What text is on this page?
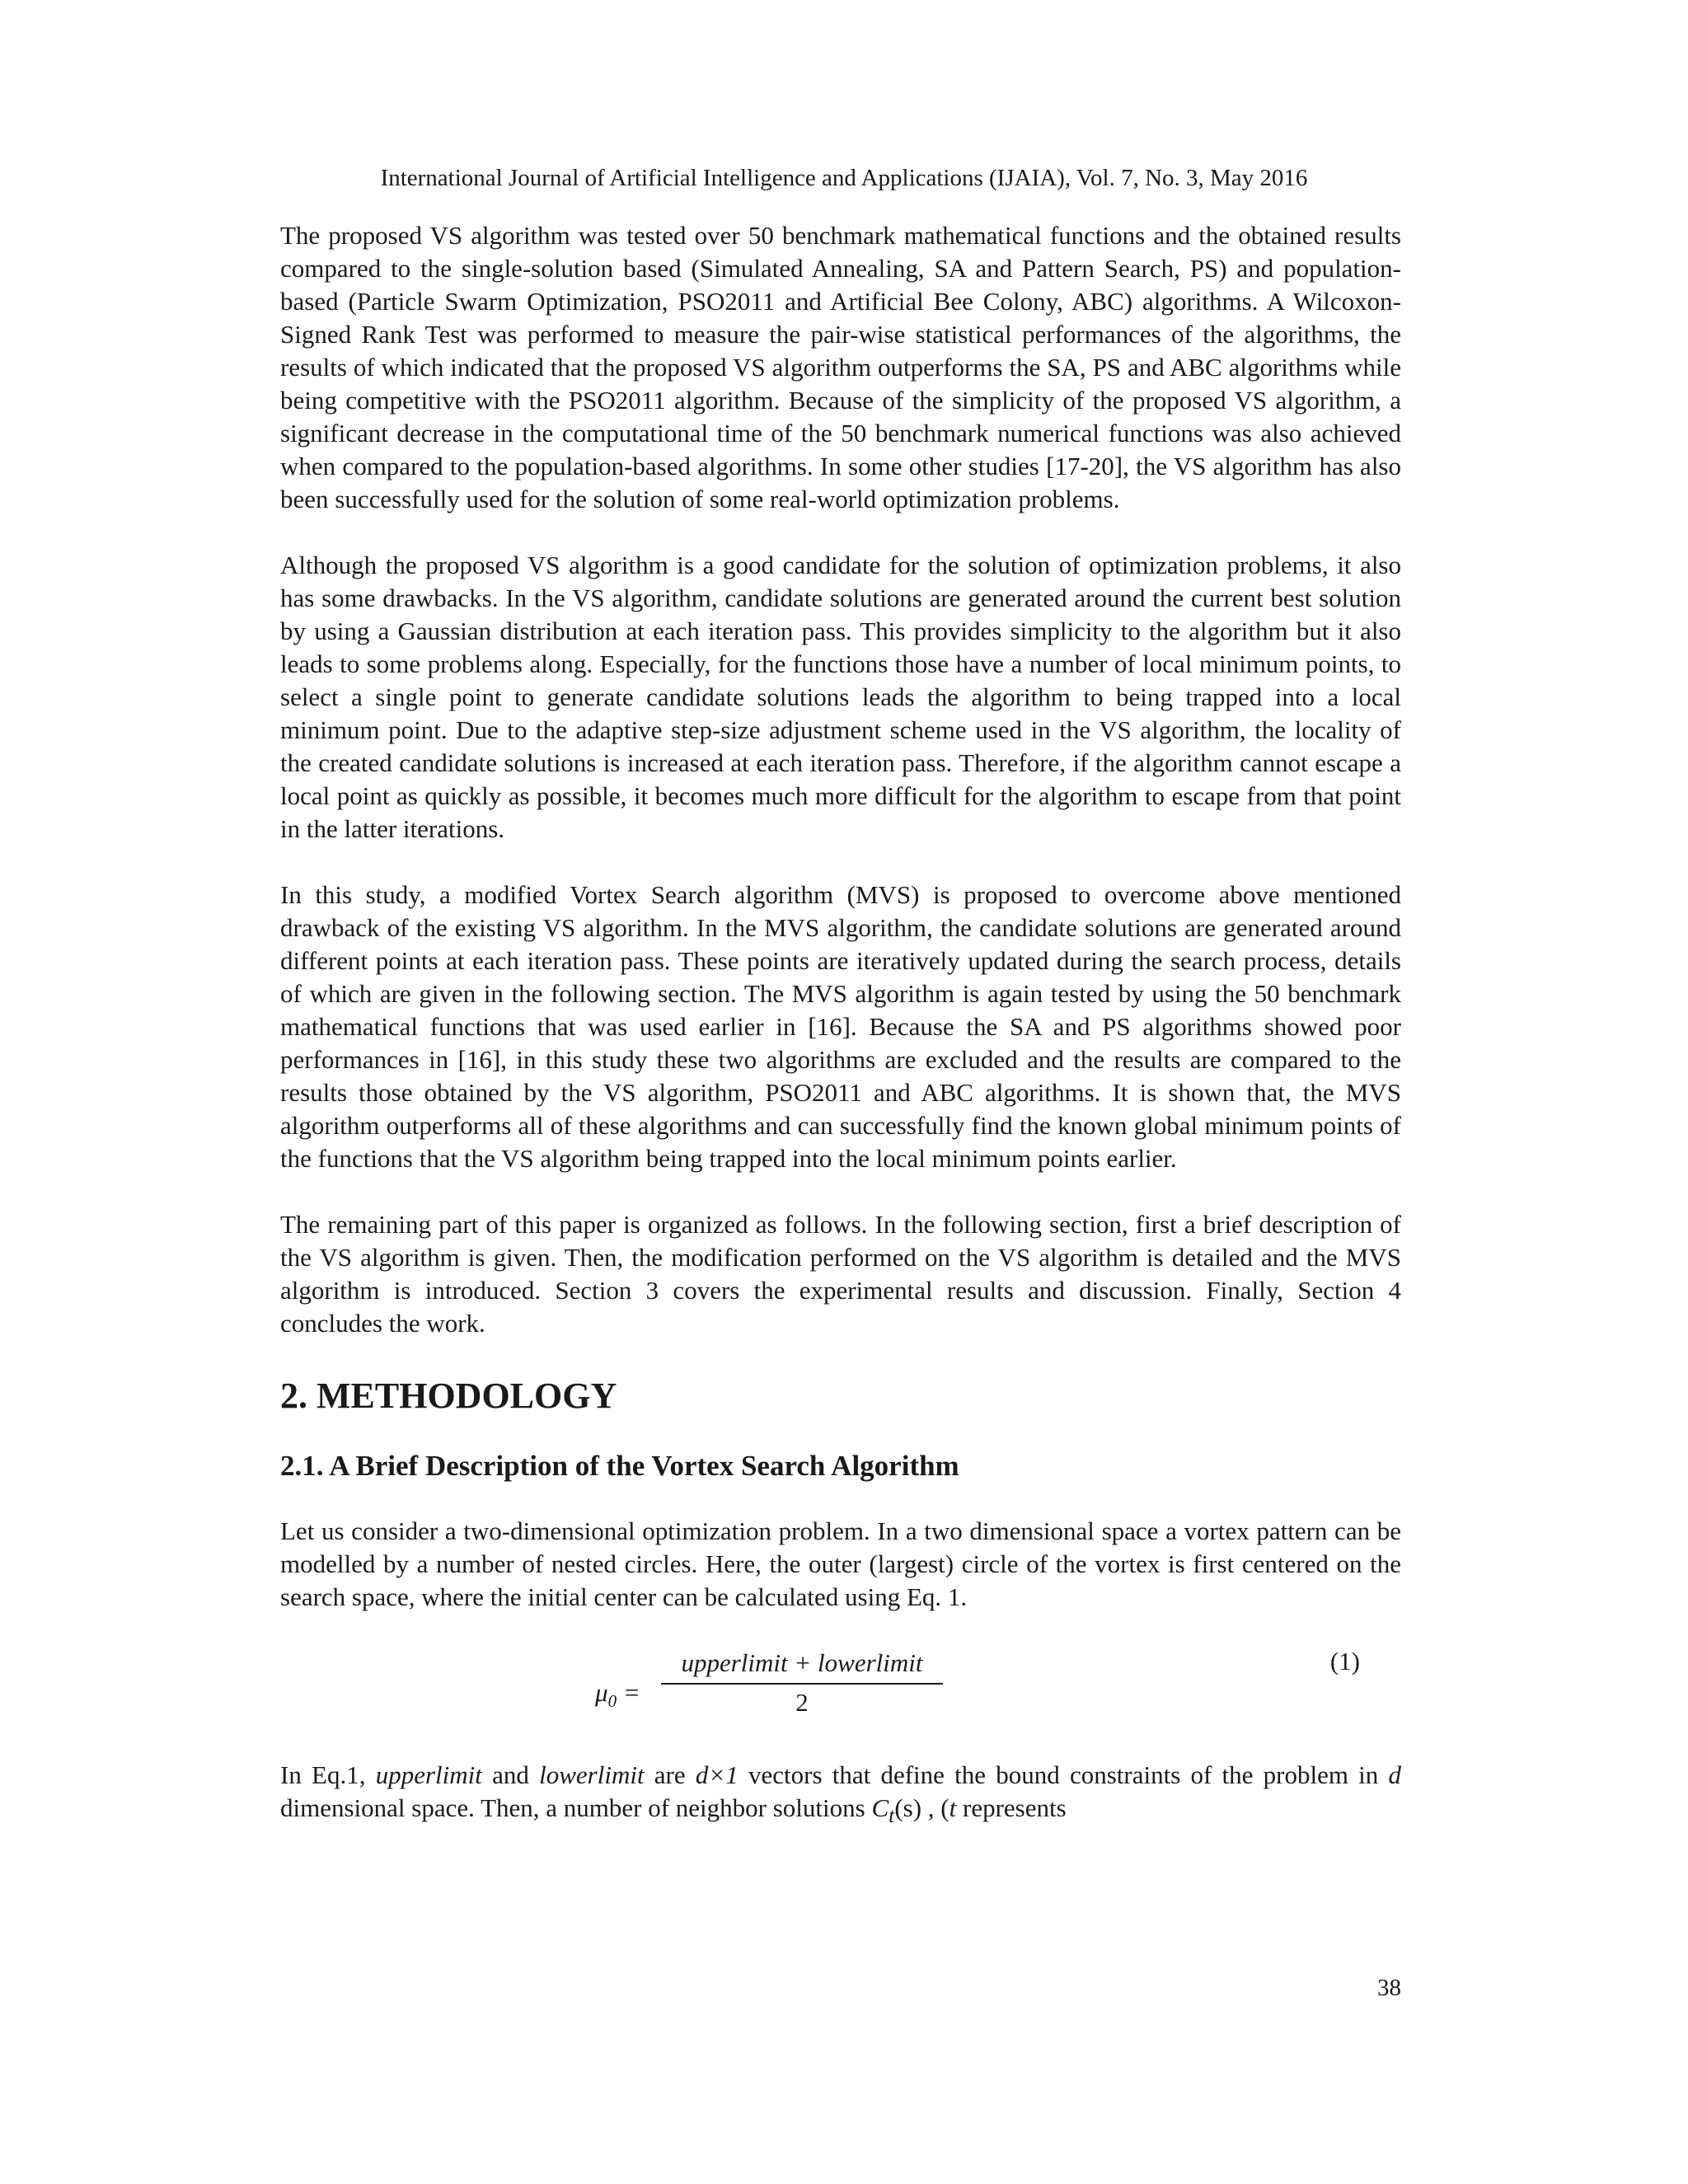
International Journal of Artificial Intelligence and Applications (IJAIA), Vol. 7, No. 3, May 2016

The proposed VS algorithm was tested over 50 benchmark mathematical functions and the obtained results compared to the single-solution based (Simulated Annealing, SA and Pattern Search, PS) and population-based (Particle Swarm Optimization, PSO2011 and Artificial Bee Colony, ABC) algorithms. A Wilcoxon-Signed Rank Test was performed to measure the pair-wise statistical performances of the algorithms, the results of which indicated that the proposed VS algorithm outperforms the SA, PS and ABC algorithms while being competitive with the PSO2011 algorithm. Because of the simplicity of the proposed VS algorithm, a significant decrease in the computational time of the 50 benchmark numerical functions was also achieved when compared to the population-based algorithms. In some other studies [17-20], the VS algorithm has also been successfully used for the solution of some real-world optimization problems.

Although the proposed VS algorithm is a good candidate for the solution of optimization problems, it also has some drawbacks. In the VS algorithm, candidate solutions are generated around the current best solution by using a Gaussian distribution at each iteration pass. This provides simplicity to the algorithm but it also leads to some problems along. Especially, for the functions those have a number of local minimum points, to select a single point to generate candidate solutions leads the algorithm to being trapped into a local minimum point. Due to the adaptive step-size adjustment scheme used in the VS algorithm, the locality of the created candidate solutions is increased at each iteration pass. Therefore, if the algorithm cannot escape a local point as quickly as possible, it becomes much more difficult for the algorithm to escape from that point in the latter iterations.

In this study, a modified Vortex Search algorithm (MVS) is proposed to overcome above mentioned drawback of the existing VS algorithm. In the MVS algorithm, the candidate solutions are generated around different points at each iteration pass. These points are iteratively updated during the search process, details of which are given in the following section. The MVS algorithm is again tested by using the 50 benchmark mathematical functions that was used earlier in [16]. Because the SA and PS algorithms showed poor performances in [16], in this study these two algorithms are excluded and the results are compared to the results those obtained by the VS algorithm, PSO2011 and ABC algorithms. It is shown that, the MVS algorithm outperforms all of these algorithms and can successfully find the known global minimum points of the functions that the VS algorithm being trapped into the local minimum points earlier.

The remaining part of this paper is organized as follows. In the following section, first a brief description of the VS algorithm is given. Then, the modification performed on the VS algorithm is detailed and the MVS algorithm is introduced. Section 3 covers the experimental results and discussion. Finally, Section 4 concludes the work.

2. METHODOLOGY
2.1. A Brief Description of the Vortex Search Algorithm

Let us consider a two-dimensional optimization problem. In a two dimensional space a vortex pattern can be modelled by a number of nested circles. Here, the outer (largest) circle of the vortex is first centered on the search space, where the initial center can be calculated using Eq. 1.

$\mu_0$ =
upperlimit + lowerlimit
2
(1)

In Eq.1, upperlimit and lowerlimit are d×1 vectors that define the bound constraints of the problem in d dimensional space. Then, a number of neighbor solutions $C_t(s)$ , (t represents

38
